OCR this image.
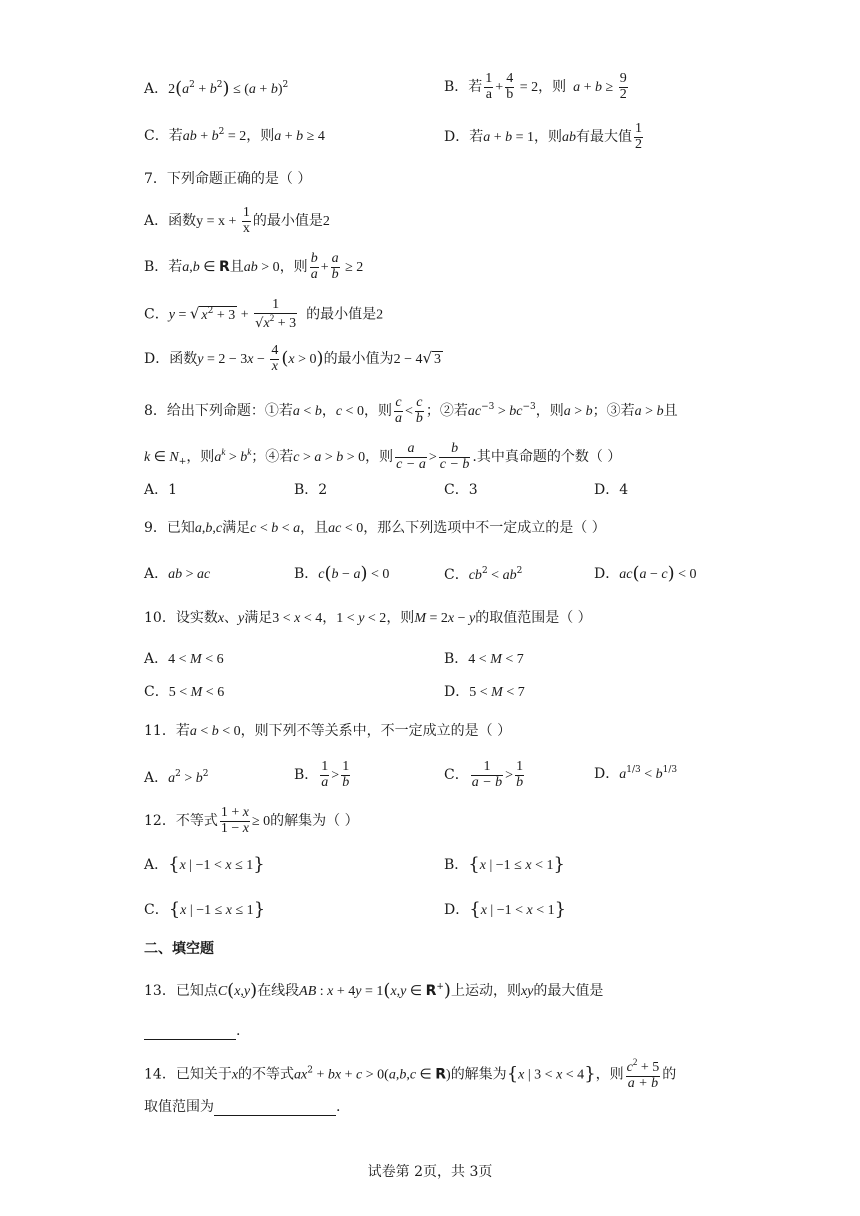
A．$2(a^2 + b^2) \le (a + b)^2$	B．若 $\frac{1}{a} + \frac{4}{b} = 2$，则 $a + b \ge \frac{9}{2}$
C．若ab + $b^2 = 2$，则a + b ≥ 4	D．若a + b = 1，则ab有最大值 $\frac{1}{2}$
7．下列命题正确的是（ ）
A．函数$y = x + \frac{1}{x}$ 的最小值是2
B．若a,b ∈ R且ab > 0，则 $\frac{b}{a} + \frac{a}{b} \ge 2$
C．y = √ $x^2 + 3 + \frac{1}{√x^2 + 3}$ 的最小值是2
D．函数$y = 2 - 3x - \frac{4}{x} (x > 0)$的最小值为2 − 4√ 3
8．给出下列命题：①若a < b，c < 0，则 $\frac{c}{a} < \frac{c}{b}$ ；②若$ac^{-3} > bc^{-3}$，则a > b；③若a > b且
k ∈ $N_+$，则$a^k > b^k$；④若c > a > b > 0，则 $\frac{a}{c - a} > \frac{b}{c - b}$ .其中真命题的个数（ ）
A．1	B．2	C．3	D．4
9．已知a,b,c满足c < b < a，且ac < 0，那么下列选项中不一定成立的是（ ）
A．ab > ac	B．c(b − a) < 0	C．$cb^2 < ab^2$	D．ac(a − c) < 0
10．设实数x、y满足3 < x < 4，1 < y < 2，则M = 2x − y的取值范围是（ ）
A．4 < M < 6	B．4 < M < 7
C．5 < M < 6	D．5 < M < 7
11．若a < b < 0，则下列不等关系中，不一定成立的是（ ）
A．$a^2 > b^2$	B． $\frac{1}{a} > \frac{1}{b}$	C． $\frac{1}{a - b} > \frac{1}{b}$	D．$a^{1/3} < b^{1/3}$
12．不等式 $\frac{1 + x}{1 - x} \ge 0$的解集为（ ）
A．{x | −1 < x ≤ 1}	B．{x | −1 ≤ x < 1}
C．{x | −1 ≤ x ≤ 1}	D．{x | −1 < x < 1}
二、填空题
13．已知点C(x,y)在线段AB : x + 4y = 1(x,y ∈ R+)上运动，则xy的最大值是
.
14．已知关于x的不等式$ax^2$ + bx + c > 0(a,b,c ∈ R)的解集为{x | 3 < x < 4}，则 $\frac{c^2 + 5}{a + b}$ 的
取值范围为	.
试卷第 2页，共 3页
